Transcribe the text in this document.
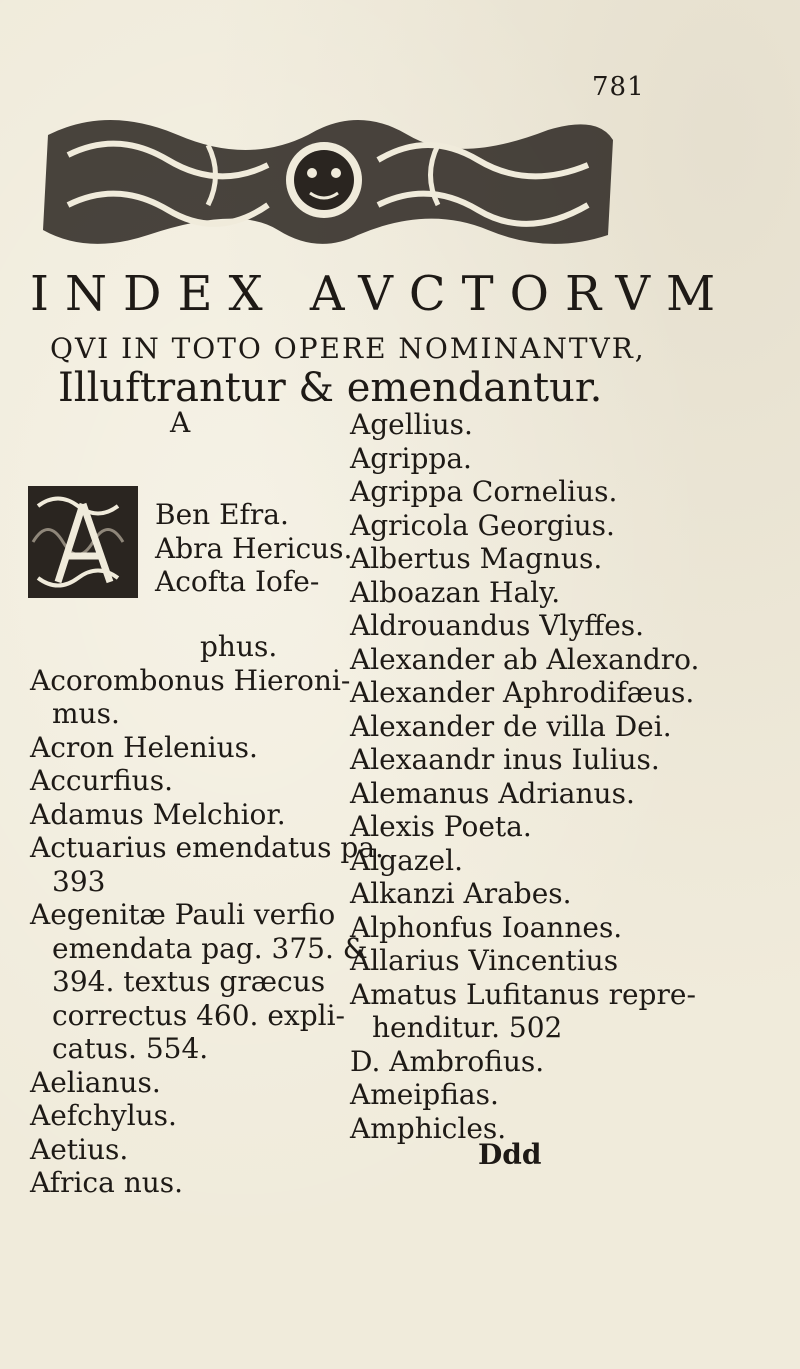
781
INDEX AVCTORVM
QVI IN TOTO OPERE NOMINANTVR,
Illuftrantur & emendantur.
A
Ben Efra.
Abra Hericus.
Acofta Iofe-
phus.
Acorombonus Hieroni-
mus.
Acron Helenius.
Accurfius.
Adamus Melchior.
Actuarius emendatus pa.
393
Aegenitæ Pauli verfio
emendata pag. 375. &
394. textus græcus
correctus 460. expli-
catus. 554.
Aelianus.
Aefchylus.
Aetius.
Africa nus.
Agellius.
Agrippa.
Agrippa Cornelius.
Agricola Georgius.
Albertus Magnus.
Alboazan Haly.
Aldrouandus Vlyffes.
Alexander ab Alexandro.
Alexander Aphrodifæus.
Alexander de villa Dei.
Alexaandr inus Iulius.
Alemanus Adrianus.
Alexis Poeta.
Algazel.
Alkanzi Arabes.
Alphonfus Ioannes.
Allarius Vincentius
Amatus Lufitanus repre-
henditur. 502
D. Ambrofius.
Ameipfias.
Amphicles.
Ddd
